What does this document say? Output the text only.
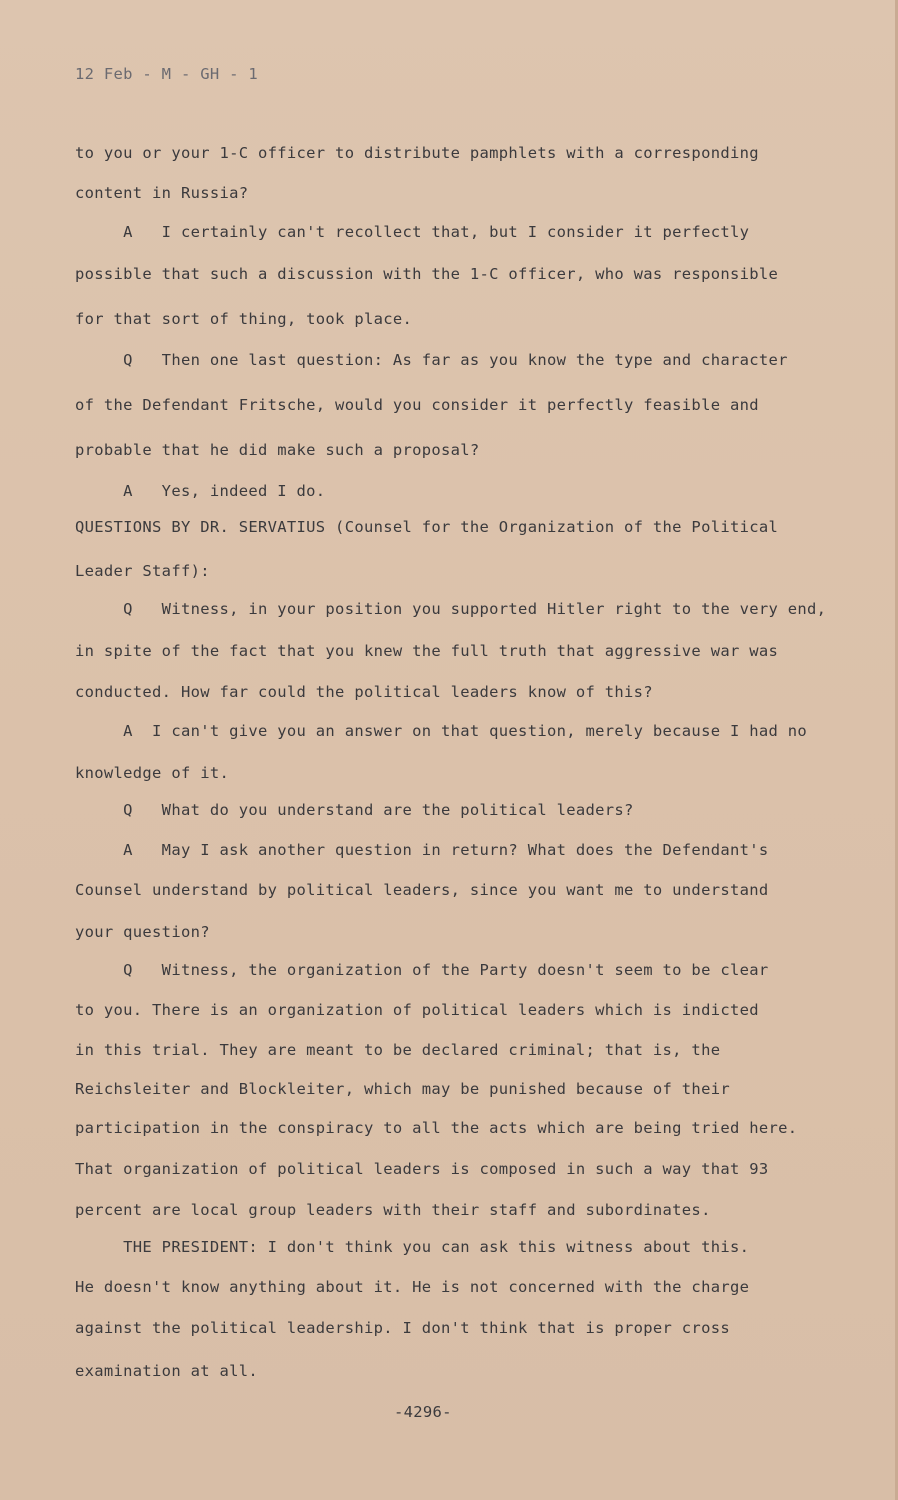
12 Feb - M - GH - 1
to you or your 1-C officer to distribute pamphlets with a corresponding
content in Russia?
A   I certainly can't recollect that, but I consider it perfectly
possible that such a discussion with the 1-C officer, who was responsible
for that sort of thing, took place.
Q   Then one last question: As far as you know the type and character
of the Defendant Fritsche, would you consider it perfectly feasible and
probable that he did make such a proposal?
A   Yes, indeed I do.
QUESTIONS BY DR. SERVATIUS (Counsel for the Organization of the Political
Leader Staff):
Q   Witness, in your position you supported Hitler right to the very end,
in spite of the fact that you knew the full truth that aggressive war was
conducted. How far could the political leaders know of this?
A  I can't give you an answer on that question, merely because I had no
knowledge of it.
Q   What do you understand are the political leaders?
A   May I ask another question in return? What does the Defendant's
Counsel understand by political leaders, since you want me to understand
your question?
Q   Witness, the organization of the Party doesn't seem to be clear
to you. There is an organization of political leaders which is indicted
in this trial. They are meant to be declared criminal; that is, the
Reichsleiter and Blockleiter, which may be punished because of their
participation in the conspiracy to all the acts which are being tried here.
That organization of political leaders is composed in such a way that 93
percent are local group leaders with their staff and subordinates.
THE PRESIDENT: I don't think you can ask this witness about this.
He doesn't know anything about it. He is not concerned with the charge
against the political leadership. I don't think that is proper cross
examination at all.
-4296-
